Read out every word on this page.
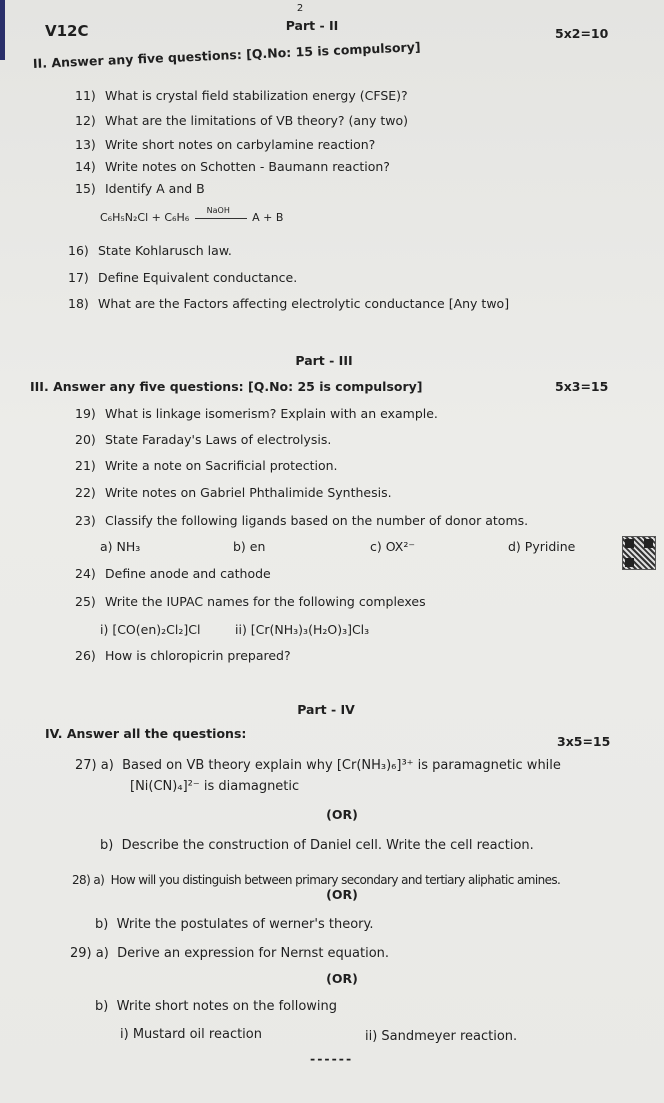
2
V12C	Part - II
5x2=10
II. Answer any five questions: [Q.No: 15 is compulsory]
11) What is crystal field stabilization energy (CFSE)?
12) What are the limitations of VB theory? (any two)
13) Write short notes on carbylamine reaction?
14) Write notes on Schotten - Baumann reaction?
15) Identify A and B
C₆H₅N₂Cl + C₆H₆
NaOH
A + B
16) State Kohlarusch law.
17) Define Equivalent conductance.
18) What are the Factors affecting electrolytic conductance [Any two]
Part - III
III. Answer any five questions: [Q.No: 25 is compulsory]	5x3=15
19) What is linkage isomerism? Explain with an example.
20) State Faraday's Laws of electrolysis.
21) Write a note on Sacrificial protection.
22) Write notes on Gabriel Phthalimide Synthesis.
23) Classify the following ligands based on the number of donor atoms.
a) NH₃	b) en	c) OX²⁻	d) Pyridine
24) Define anode and cathode
25) Write the IUPAC names for the following complexes
i) [CO(en)₂Cl₂]Cl	ii) [Cr(NH₃)₃(H₂O)₃]Cl₃
26) How is chloropicrin prepared?
Part - IV
IV. Answer all the questions:
3x5=15
27) a) Based on VB theory explain why [Cr(NH₃)₆]³⁺ is paramagnetic while
[Ni(CN)₄]²⁻ is diamagnetic
(OR)
b) Describe the construction of Daniel cell. Write the cell reaction.
28) a) How will you distinguish between primary secondary and tertiary aliphatic amines.
(OR)
b) Write the postulates of werner's theory.
29) a) Derive an expression for Nernst equation.
(OR)
b) Write short notes on the following
i) Mustard oil reaction	ii) Sandmeyer reaction.
------
